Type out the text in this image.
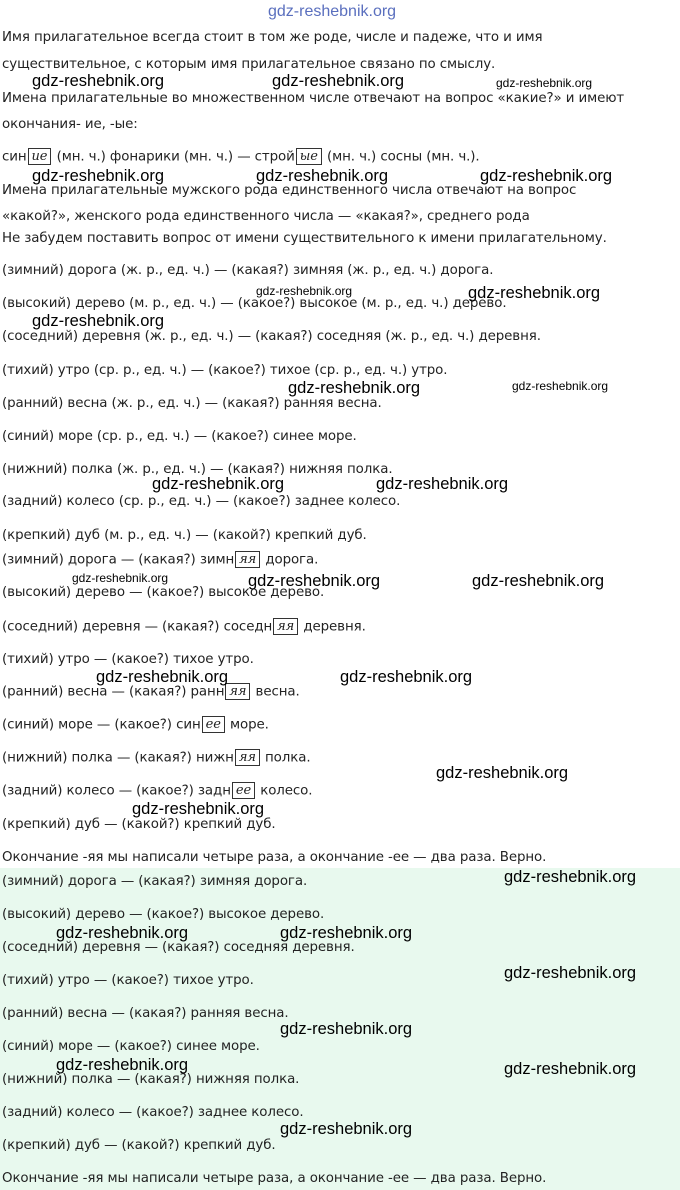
gdz-reshebnik.org
Имя прилагательное всегда стоит в том же роде, числе и падеже, что и имя
существительное, с которым имя прилагательное связано по смыслу.
Имена прилагательные во множественном числе отвечают на вопрос «какие?» и имеют
окончания- ие, -ые:
син ие (мн. ч.) фонарики (мн. ч.) — строй ые (мн. ч.) сосны (мн. ч.).
Имена прилагательные мужского рода единственного числа отвечают на вопрос
«какой?», женского рода единственного числа — «какая?», среднего рода
Не забудем поставить вопрос от имени существительного к имени прилагательному.
(зимний) дорога (ж. р., ед. ч.) — (какая?) зимняя (ж. р., ед. ч.) дорога.
(высокий) дерево (м. р., ед. ч.) — (какое?) высокое (м. р., ед. ч.) дерево.
(соседний) деревня (ж. р., ед. ч.) — (какая?) соседняя (ж. р., ед. ч.) деревня.
(тихий) утро (ср. р., ед. ч.) — (какое?) тихое (ср. р., ед. ч.) утро.
(ранний) весна (ж. р., ед. ч.) — (какая?) ранняя весна.
(синий) море (ср. р., ед. ч.) — (какое?) синее море.
(нижний) полка (ж. р., ед. ч.) — (какая?) нижняя полка.
(задний) колесо (ср. р., ед. ч.) — (какое?) заднее колесо.
(крепкий) дуб (м. р., ед. ч.) — (какой?) крепкий дуб.
(зимний) дорога — (какая?) зимн яя дорога.
(высокий) дерево — (какое?) высокое дерево.
(соседний) деревня — (какая?) соседн яя деревня.
(тихий) утро — (какое?) тихое утро.
(ранний) весна — (какая?) ранн яя весна.
(синий) море — (какое?) син ее море.
(нижний) полка — (какая?) нижн яя полка.
(задний) колесо — (какое?) задн ее колесо.
(крепкий) дуб — (какой?) крепкий дуб.
Окончание -яя мы написали четыре раза, а окончание -ее — два раза. Верно.
(зимний) дорога — (какая?) зимняя дорога.
(высокий) дерево — (какое?) высокое дерево.
(соседний) деревня — (какая?) соседняя деревня.
(тихий) утро — (какое?) тихое утро.
(ранний) весна — (какая?) ранняя весна.
(синий) море — (какое?) синее море.
(нижний) полка — (какая?) нижняя полка.
(задний) колесо — (какое?) заднее колесо.
(крепкий) дуб — (какой?) крепкий дуб.
Окончание -яя мы написали четыре раза, а окончание -ее — два раза. Верно.
gdz-reshebnik.org	gdz-reshebnik.org	gdz-reshebnik.org
gdz-reshebnik.org	gdz-reshebnik.org	gdz-reshebnik.org
gdz-reshebnik.org	gdz-reshebnik.org
gdz-reshebnik.org
gdz-reshebnik.org	gdz-reshebnik.org
gdz-reshebnik.org	gdz-reshebnik.org
gdz-reshebnik.org	gdz-reshebnik.org	gdz-reshebnik.org
gdz-reshebnik.org	gdz-reshebnik.org
gdz-reshebnik.org
gdz-reshebnik.org
gdz-reshebnik.org
gdz-reshebnik.org	gdz-reshebnik.org
gdz-reshebnik.org
gdz-reshebnik.org
gdz-reshebnik.org	gdz-reshebnik.org
gdz-reshebnik.org
